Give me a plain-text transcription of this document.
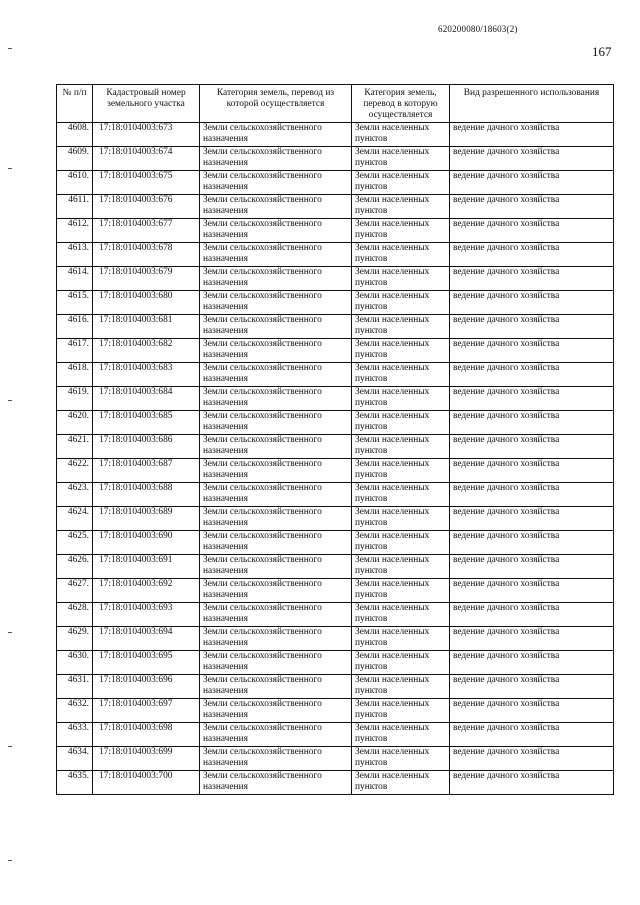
620200080/18603(2)
167
№ п/п	Кадастровый номер земельного участка	Категория земель, перевод из которой осуществляется	Категория земель, перевод в которую осуществляется	Вид разрешенного использования
4608.	17:18:0104003:673	Земли сельскохозяйственного назначения	Земли населенных пунктов	ведение дачного хозяйства
4609.	17:18:0104003:674	Земли сельскохозяйственного назначения	Земли населенных пунктов	ведение дачного хозяйства
4610.	17:18:0104003:675	Земли сельскохозяйственного назначения	Земли населенных пунктов	ведение дачного хозяйства
4611.	17:18:0104003:676	Земли сельскохозяйственного назначения	Земли населенных пунктов	ведение дачного хозяйства
4612.	17:18:0104003:677	Земли сельскохозяйственного назначения	Земли населенных пунктов	ведение дачного хозяйства
4613.	17:18:0104003:678	Земли сельскохозяйственного назначения	Земли населенных пунктов	ведение дачного хозяйства
4614.	17:18:0104003:679	Земли сельскохозяйственного назначения	Земли населенных пунктов	ведение дачного хозяйства
4615.	17:18:0104003:680	Земли сельскохозяйственного назначения	Земли населенных пунктов	ведение дачного хозяйства
4616.	17:18:0104003:681	Земли сельскохозяйственного назначения	Земли населенных пунктов	ведение дачного хозяйства
4617.	17:18:0104003:682	Земли сельскохозяйственного назначения	Земли населенных пунктов	ведение дачного хозяйства
4618.	17:18:0104003:683	Земли сельскохозяйственного назначения	Земли населенных пунктов	ведение дачного хозяйства
4619.	17:18:0104003:684	Земли сельскохозяйственного назначения	Земли населенных пунктов	ведение дачного хозяйства
4620.	17:18:0104003:685	Земли сельскохозяйственного назначения	Земли населенных пунктов	ведение дачного хозяйства
4621.	17:18:0104003:686	Земли сельскохозяйственного назначения	Земли населенных пунктов	ведение дачного хозяйства
4622.	17:18:0104003:687	Земли сельскохозяйственного назначения	Земли населенных пунктов	ведение дачного хозяйства
4623.	17:18:0104003:688	Земли сельскохозяйственного назначения	Земли населенных пунктов	ведение дачного хозяйства
4624.	17:18:0104003:689	Земли сельскохозяйственного назначения	Земли населенных пунктов	ведение дачного хозяйства
4625.	17:18:0104003:690	Земли сельскохозяйственного назначения	Земли населенных пунктов	ведение дачного хозяйства
4626.	17:18:0104003:691	Земли сельскохозяйственного назначения	Земли населенных пунктов	ведение дачного хозяйства
4627.	17:18:0104003:692	Земли сельскохозяйственного назначения	Земли населенных пунктов	ведение дачного хозяйства
4628.	17:18:0104003:693	Земли сельскохозяйственного назначения	Земли населенных пунктов	ведение дачного хозяйства
4629.	17:18:0104003:694	Земли сельскохозяйственного назначения	Земли населенных пунктов	ведение дачного хозяйства
4630.	17:18:0104003:695	Земли сельскохозяйственного назначения	Земли населенных пунктов	ведение дачного хозяйства
4631.	17:18:0104003:696	Земли сельскохозяйственного назначения	Земли населенных пунктов	ведение дачного хозяйства
4632.	17:18:0104003:697	Земли сельскохозяйственного назначения	Земли населенных пунктов	ведение дачного хозяйства
4633.	17:18:0104003:698	Земли сельскохозяйственного назначения	Земли населенных пунктов	ведение дачного хозяйства
4634.	17:18:0104003:699	Земли сельскохозяйственного назначения	Земли населенных пунктов	ведение дачного хозяйства
4635.	17:18:0104003:700	Земли сельскохозяйственного назначения	Земли населенных пунктов	ведение дачного хозяйства
